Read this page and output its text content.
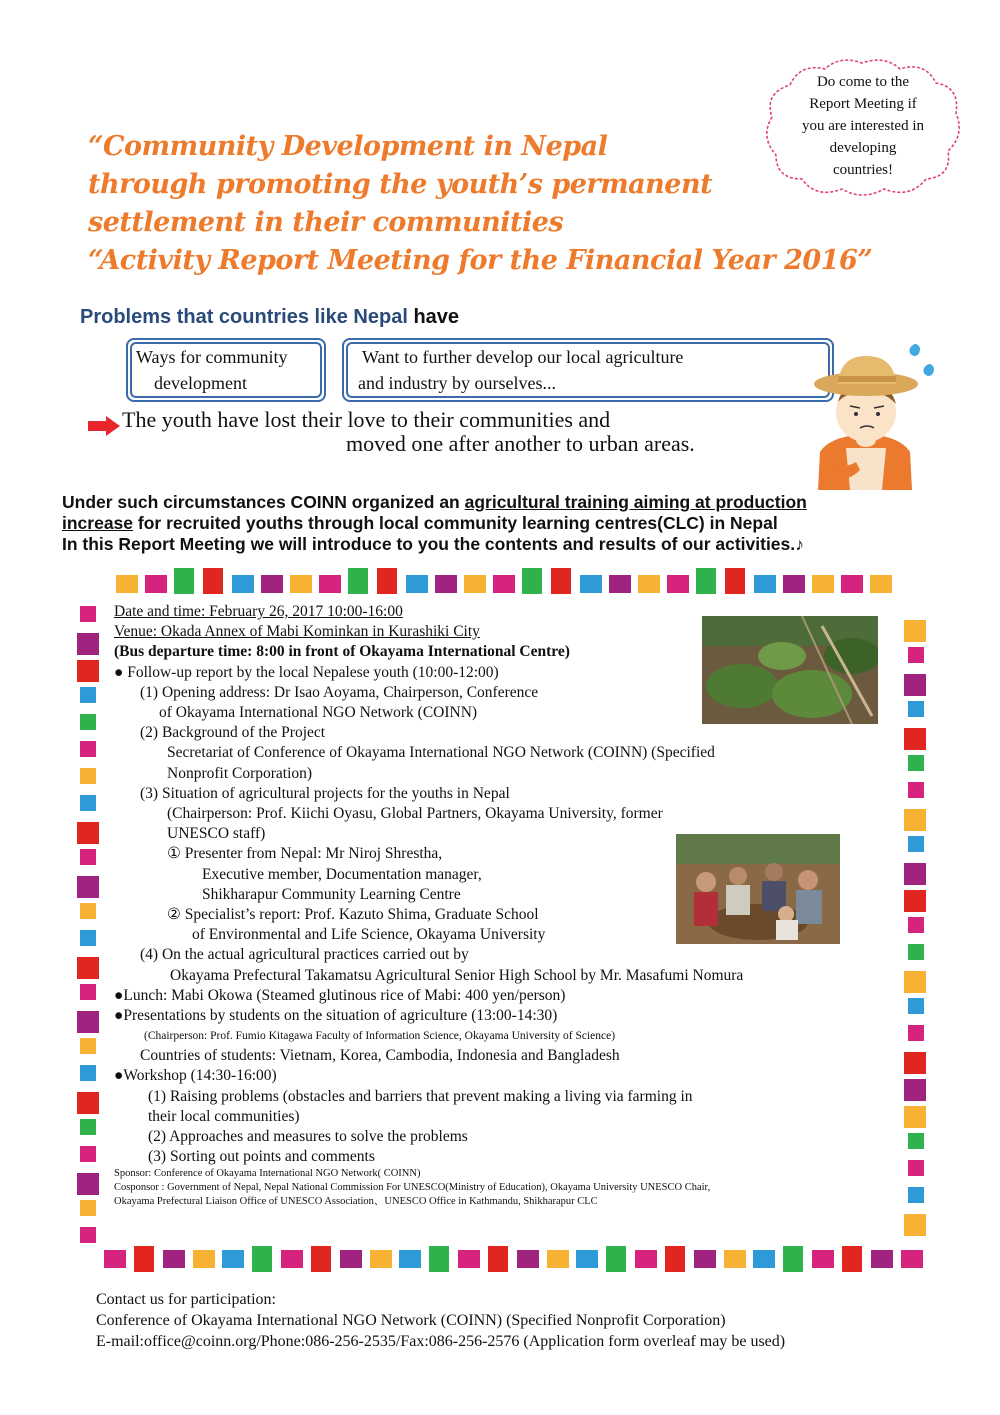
Do come to the
Report Meeting if
you are interested in
developing
countries!
“Community Development in Nepal
through promoting the youth’s permanent
settlement in their communities
“Activity Report Meeting for the Financial Year 2016”
Problems that countries like Nepal have
Ways for community
development
Want to further develop our local agriculture
and industry by ourselves...
The youth have lost their love to their communities and
moved one after another to urban areas.
Under such circumstances COINN organized an agricultural training aiming at production
increase for recruited youths through local community learning centres(CLC) in Nepal
In this Report Meeting we will introduce to you the contents and results of our activities.♪
Date and time: February 26, 2017 10:00-16:00
Venue: Okada Annex of Mabi Kominkan in Kurashiki City
(Bus departure time: 8:00 in front of Okayama International Centre)
● Follow-up report by the local Nepalese youth (10:00-12:00)
(1) Opening address: Dr Isao Aoyama, Chairperson, Conference
of Okayama International NGO Network (COINN)
(2) Background of the Project
Secretariat of Conference of Okayama International NGO Network (COINN) (Specified
Nonprofit Corporation)
(3) Situation of agricultural projects for the youths in Nepal
(Chairperson: Prof. Kiichi Oyasu, Global Partners, Okayama University, former
UNESCO staff)
① Presenter from Nepal: Mr Niroj Shrestha,
Executive member, Documentation manager,
Shikharapur Community Learning Centre
② Specialist’s report: Prof. Kazuto Shima, Graduate School
of Environmental and Life Science, Okayama University
(4) On the actual agricultural practices carried out by
Okayama Prefectural Takamatsu Agricultural Senior High School by Mr. Masafumi Nomura
●Lunch: Mabi Okowa (Steamed glutinous rice of Mabi: 400 yen/person)
●Presentations by students on the situation of agriculture (13:00-14:30)
(Chairperson: Prof. Fumio Kitagawa Faculty of Information Science, Okayama University of Science)
Countries of students: Vietnam, Korea, Cambodia, Indonesia and Bangladesh
●Workshop (14:30-16:00)
(1) Raising problems (obstacles and barriers that prevent making a living via farming in
their local communities)
(2) Approaches and measures to solve the problems
(3) Sorting out points and comments
Sponsor: Conference of Okayama International NGO Network( COINN)
Cosponsor : Government of Nepal, Nepal National Commission For UNESCO(Ministry of Education), Okayama University UNESCO Chair,
Okayama Prefectural Liaison Office of UNESCO Association、UNESCO Office in Kathmandu, Shikharapur CLC
Contact us for participation:
Conference of Okayama International NGO Network (COINN) (Specified Nonprofit Corporation)
E-mail:office@coinn.org/Phone:086-256-2535/Fax:086-256-2576 (Application form overleaf may be used)
